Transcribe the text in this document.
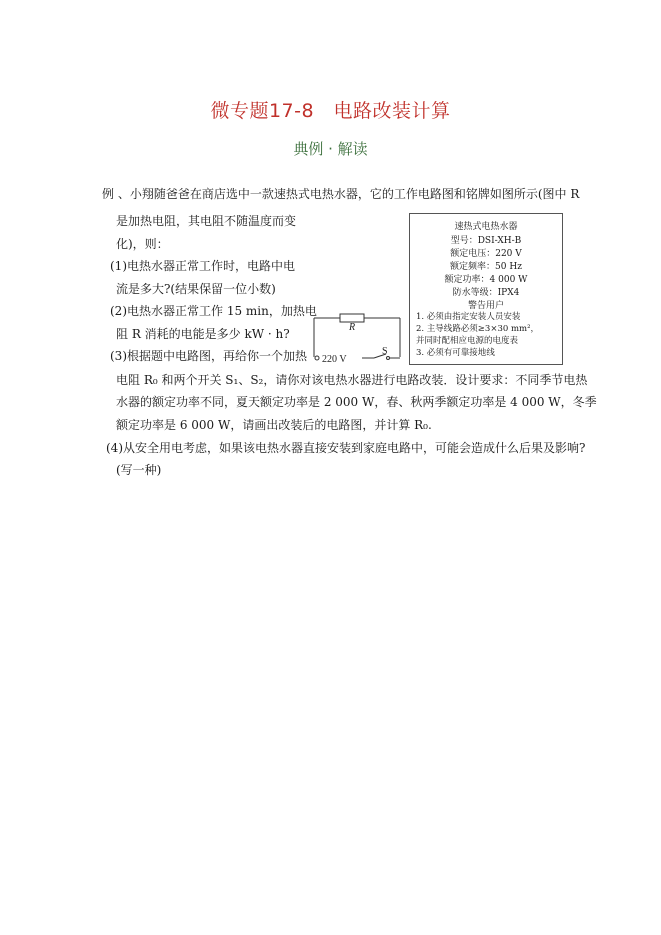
微专题17-8　电路改装计算
典例 · 解读
例 、小翔随爸爸在商店选中一款速热式电热水器，它的工作电路图和铭牌如图所示(图中 R
是加热电阻，其电阻不随温度而变
化)，则：
(1)电热水器正常工作时，电路中电
流是多大?(结果保留一位小数)
(2)电热水器正常工作 15 min，加热电
阻 R 消耗的电能是多少 kW · h?
(3)根据题中电路图，再给你一个加热
电阻 R₀ 和两个开关 S₁、S₂，请你对该电热水器进行电路改装．设计要求：不同季节电热
水器的额定功率不同，夏天额定功率是 2 000 W，春、秋两季额定功率是 4 000 W，冬季
额定功率是 6 000 W，请画出改装后的电路图，并计算 R₀.
(4)从安全用电考虑，如果该电热水器直接安装到家庭电路中，可能会造成什么后果及影响?
(写一种)
R
220 V
S
速热式电热水器
型号：DSI-XH-B
额定电压：220 V
额定频率：50 Hz
额定功率：4 000 W
防水等级：IPX4
警告用户
1. 必须由指定安装人员安装
2. 主导线路必须≥3×30 mm²，
并同时配相应电源的电度表
3. 必须有可靠接地线
